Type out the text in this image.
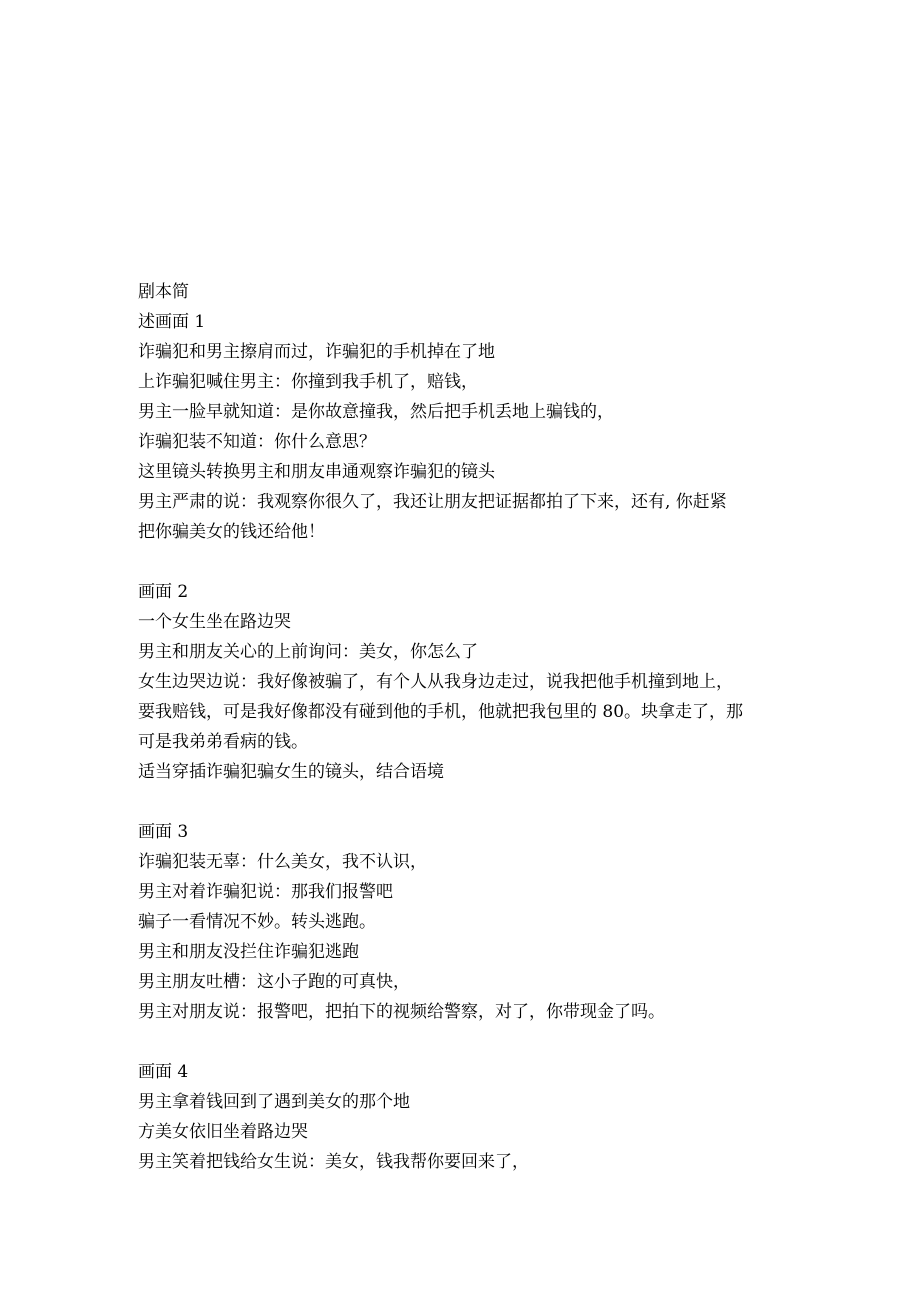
剧本简
述画面 1
诈骗犯和男主擦肩而过，诈骗犯的手机掉在了地
上诈骗犯喊住男主：你撞到我手机了，赔钱，
男主一脸早就知道：是你故意撞我，然后把手机丢地上骗钱的，
诈骗犯装不知道：你什么意思？
这里镜头转换男主和朋友串通观察诈骗犯的镜头
男主严肃的说：我观察你很久了，我还让朋友把证据都拍了下来，还有, 你赶紧
把你骗美女的钱还给他！
画面 2
一个女生坐在路边哭
男主和朋友关心的上前询问：美女，你怎么了
女生边哭边说：我好像被骗了，有个人从我身边走过，说我把他手机撞到地上，
要我赔钱，可是我好像都没有碰到他的手机，他就把我包里的 80。块拿走了，那
可是我弟弟看病的钱。
适当穿插诈骗犯骗女生的镜头，结合语境
画面 3
诈骗犯装无辜：什么美女，我不认识，
男主对着诈骗犯说：那我们报警吧
骗子一看情况不妙。转头逃跑。
男主和朋友没拦住诈骗犯逃跑
男主朋友吐槽：这小子跑的可真快，
男主对朋友说：报警吧，把拍下的视频给警察，对了，你带现金了吗。
画面 4
男主拿着钱回到了遇到美女的那个地
方美女依旧坐着路边哭
男主笑着把钱给女生说：美女，钱我帮你要回来了，
